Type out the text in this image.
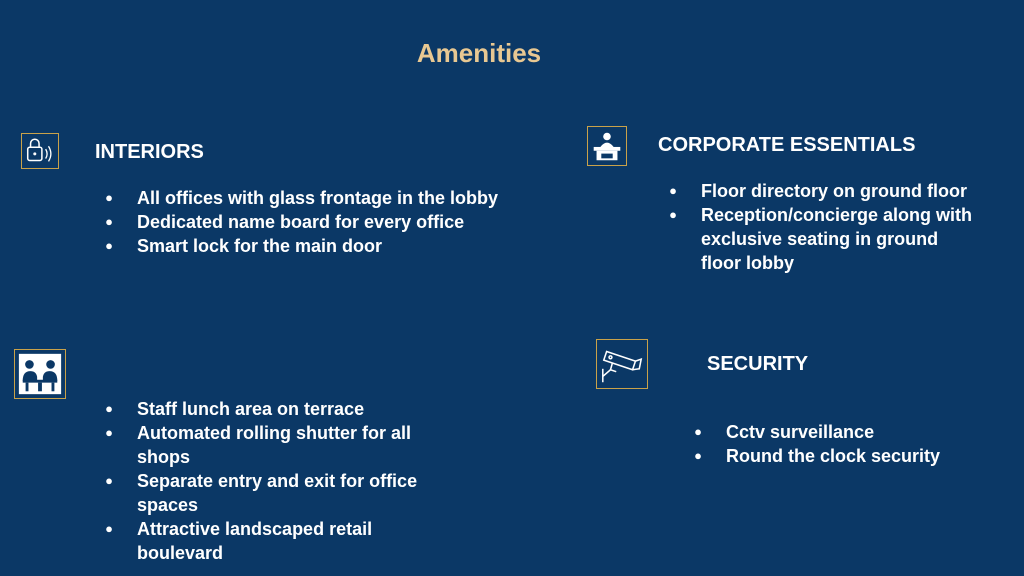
Amenities
INTERIORS
● All offices with glass frontage in the lobby
● Dedicated name board for every office
● Smart lock for the main door
CORPORATE ESSENTIALS
● Floor directory on ground floor
● Reception/concierge along with exclusive seating in ground floor lobby
● Staff lunch area on terrace
● Automated rolling shutter for all shops
● Separate entry and exit for office spaces
● Attractive landscaped retail boulevard
SECURITY
● Cctv surveillance
● Round the clock security
